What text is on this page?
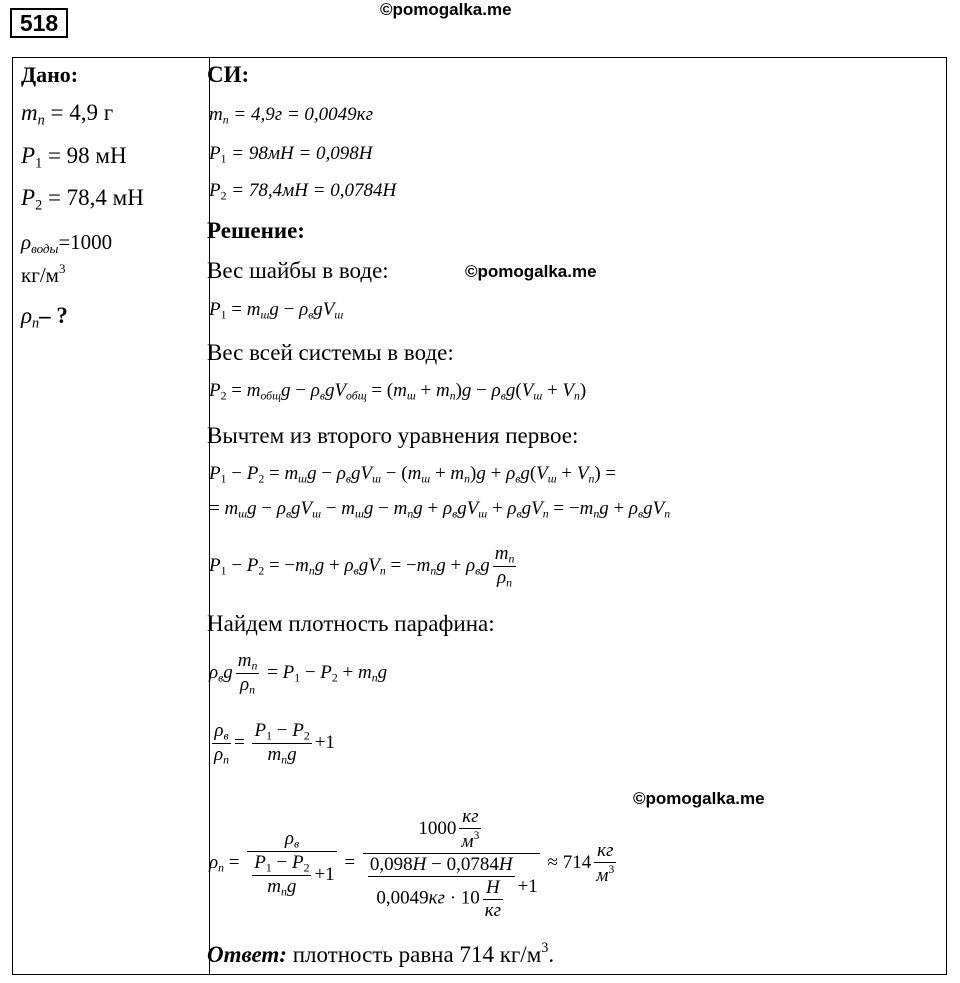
518
©pomogalka.me
Дано:
$m_п = 4,9$ г
$P_1 = 98$ мН
$P_2 = 78,4$ мН
$\rho_{воды}=1000$
$кг/м^3$
$\rho_п-$ ?
СИ:
$m_п = 4,9г = 0,0049кг$
$P_1 = 98мН = 0,098Н$
$P_2 = 78,4мН = 0,0784Н$
Решение:
Вес шайбы в воде:	©pomogalka.me
$P_1 = m_шg - \rho_вgV_ш$
Вес всей системы в воде:
$P_2 = m_{общ}g - \rho_вgV_{общ} = (m_ш + m_п)g - \rho_вg(V_ш + V_п)$
Вычтем из второго уравнения первое:
$P_1 - P_2 = m_шg - \rho_вgV_ш - (m_ш + m_п)g + \rho_вg(V_ш + V_п)$ =
= $m_шg - \rho_вgV_ш - m_шg - m_пg + \rho_вgV_ш + \rho_вgV_п = -m_пg + \rho_вgV_п$
$P_1 - P_2 = -m_пg + \rho_вgV_п = -m_пg + \rho_вg \frac{m_п}{\rho_п}$
Найдем плотность парафина:
$\rho_вg \frac{m_п}{\rho_п} = P_1 - P_2 + m_пg$
$\frac{\rho_в}{\rho_п} = \frac{P_1 - P_2}{m_пg} +1$
©pomogalka.me
$\rho_п = \frac{\rho_в}{\frac{P_1 - P_2}{m_пg} +1} = \frac{1000 \frac{кг}{м^3}}{\frac{0,098Н - 0,0784Н}{0,0049кг \cdot 10 \frac{Н}{кг}} +1} \approx 714 \frac{кг}{м^3}$
Ответ: плотность равна 714 $кг/м^3$.
